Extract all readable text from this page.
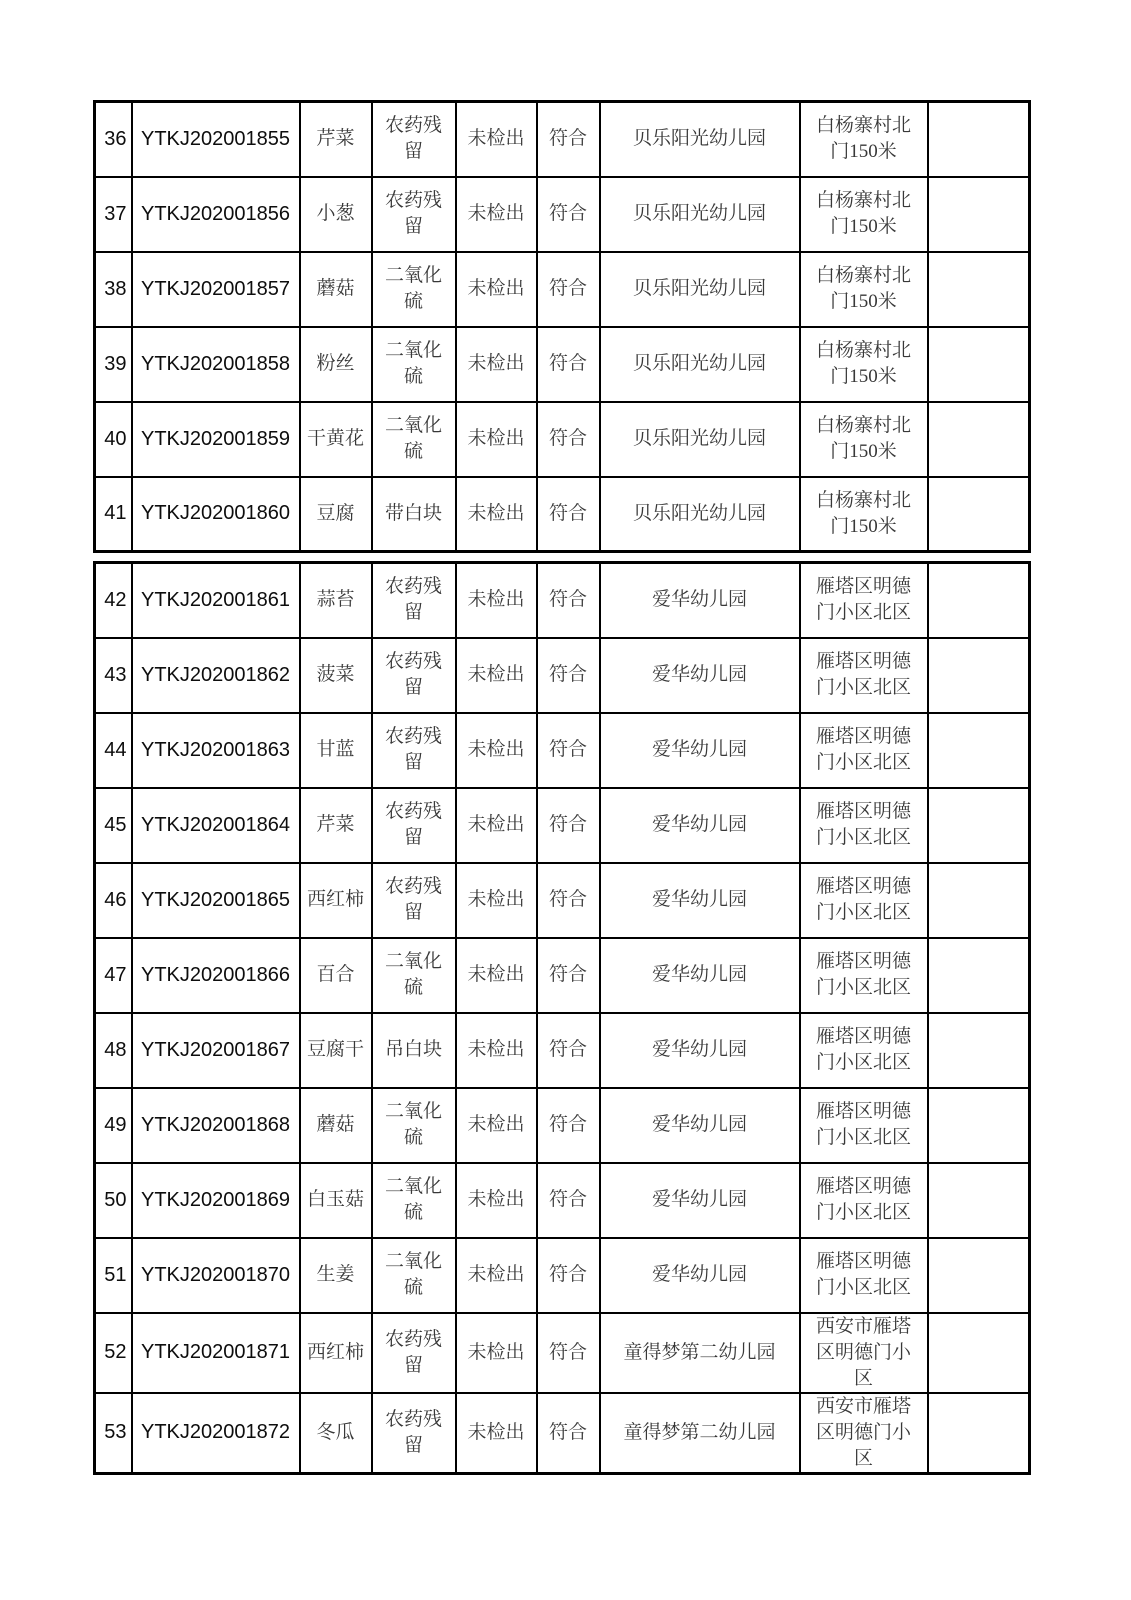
36	YTKJ202001855	芹菜	农药残留	未检出	符合	贝乐阳光幼儿园	白杨寨村北门150米	

37	YTKJ202001856	小葱	农药残留	未检出	符合	贝乐阳光幼儿园	白杨寨村北门150米	

38	YTKJ202001857	蘑菇	二氧化硫	未检出	符合	贝乐阳光幼儿园	白杨寨村北门150米	

39	YTKJ202001858	粉丝	二氧化硫	未检出	符合	贝乐阳光幼儿园	白杨寨村北门150米	

40	YTKJ202001859	干黄花	二氧化硫	未检出	符合	贝乐阳光幼儿园	白杨寨村北门150米	

41	YTKJ202001860	豆腐	带白块	未检出	符合	贝乐阳光幼儿园	白杨寨村北门150米	

42	YTKJ202001861	蒜苔	农药残留	未检出	符合	爱华幼儿园	雁塔区明德门小区北区	

43	YTKJ202001862	菠菜	农药残留	未检出	符合	爱华幼儿园	雁塔区明德门小区北区	

44	YTKJ202001863	甘蓝	农药残留	未检出	符合	爱华幼儿园	雁塔区明德门小区北区	

45	YTKJ202001864	芹菜	农药残留	未检出	符合	爱华幼儿园	雁塔区明德门小区北区	

46	YTKJ202001865	西红柿	农药残留	未检出	符合	爱华幼儿园	雁塔区明德门小区北区	

47	YTKJ202001866	百合	二氧化硫	未检出	符合	爱华幼儿园	雁塔区明德门小区北区	

48	YTKJ202001867	豆腐干	吊白块	未检出	符合	爱华幼儿园	雁塔区明德门小区北区	

49	YTKJ202001868	蘑菇	二氧化硫	未检出	符合	爱华幼儿园	雁塔区明德门小区北区	

50	YTKJ202001869	白玉菇	二氧化硫	未检出	符合	爱华幼儿园	雁塔区明德门小区北区	

51	YTKJ202001870	生姜	二氧化硫	未检出	符合	爱华幼儿园	雁塔区明德门小区北区	

52	YTKJ202001871	西红柿	农药残留	未检出	符合	童得梦第二幼儿园	西安市雁塔区明德门小区	

53	YTKJ202001872	冬瓜	农药残留	未检出	符合	童得梦第二幼儿园	西安市雁塔区明德门小区	
